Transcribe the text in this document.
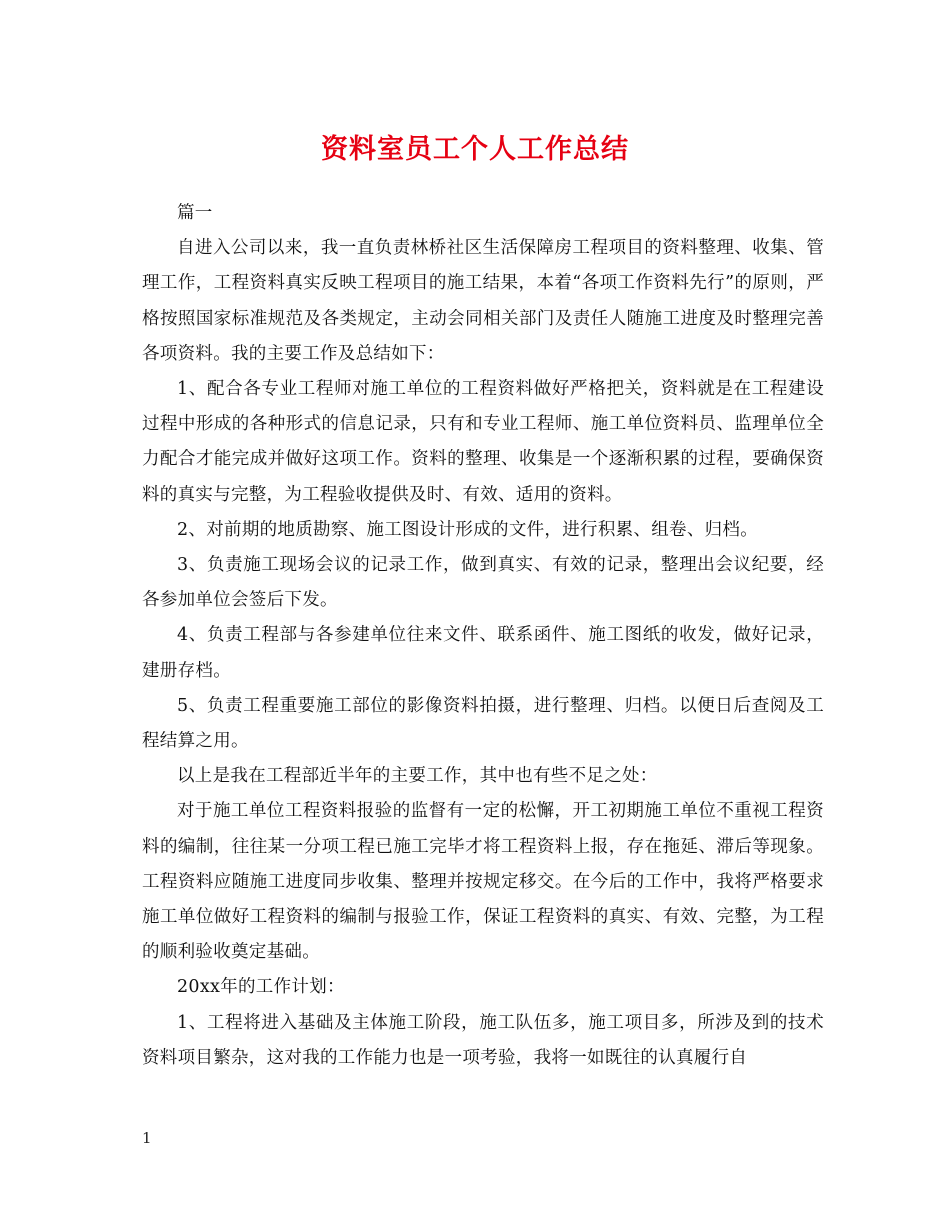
资料室员工个人工作总结

篇一

自进入公司以来，我一直负责林桥社区生活保障房工程项目的资料整理、收集、管理工作，工程资料真实反映工程项目的施工结果，本着“各项工作资料先行”的原则，严格按照国家标准规范及各类规定，主动会同相关部门及责任人随施工进度及时整理完善各项资料。我的主要工作及总结如下：

1、配合各专业工程师对施工单位的工程资料做好严格把关，资料就是在工程建设过程中形成的各种形式的信息记录，只有和专业工程师、施工单位资料员、监理单位全力配合才能完成并做好这项工作。资料的整理、收集是一个逐渐积累的过程，要确保资料的真实与完整，为工程验收提供及时、有效、适用的资料。

2、对前期的地质勘察、施工图设计形成的文件，进行积累、组卷、归档。

3、负责施工现场会议的记录工作，做到真实、有效的记录，整理出会议纪要，经各参加单位会签后下发。

4、负责工程部与各参建单位往来文件、联系函件、施工图纸的收发，做好记录，建册存档。

5、负责工程重要施工部位的影像资料拍摄，进行整理、归档。以便日后查阅及工程结算之用。

以上是我在工程部近半年的主要工作，其中也有些不足之处：

对于施工单位工程资料报验的监督有一定的松懈，开工初期施工单位不重视工程资料的编制，往往某一分项工程已施工完毕才将工程资料上报，存在拖延、滞后等现象。工程资料应随施工进度同步收集、整理并按规定移交。在今后的工作中，我将严格要求施工单位做好工程资料的编制与报验工作，保证工程资料的真实、有效、完整，为工程的顺利验收奠定基础。

20xx年的工作计划：

1、工程将进入基础及主体施工阶段，施工队伍多，施工项目多，所涉及到的技术资料项目繁杂，这对我的工作能力也是一项考验，我将一如既往的认真履行自

1
